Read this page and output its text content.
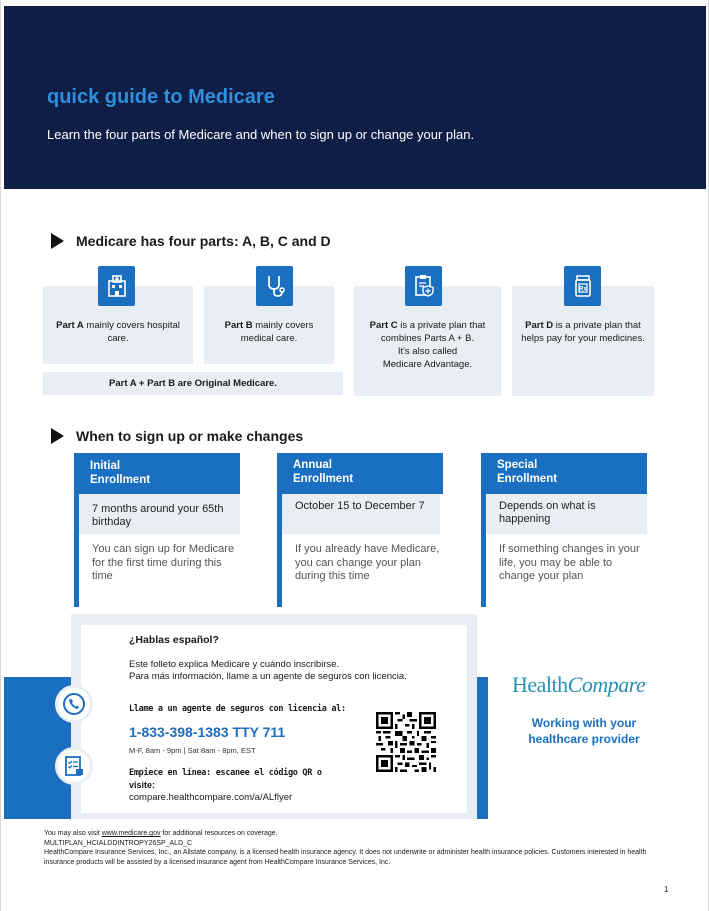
quick guide to Medicare
Learn the four parts of Medicare and when to sign up or change your plan.
Medicare has four parts: A, B, C and D
Part A mainly covers hospital care.
Part B mainly covers medical care.
Part C is a private plan that combines Parts A + B.
It's also called
Medicare Advantage.
Part D is a private plan that helps pay for your medicines.
Rx
Part A + Part B are Original Medicare.
When to sign up or make changes
Initial
Enrollment
7 months around your 65th birthday
You can sign up for Medicare for the first time during this time
Annual
Enrollment
October 15 to December 7
If you already have Medicare, you can change your plan during this time
Special
Enrollment
Depends on what is happening
If something changes in your life, you may be able to change your plan
¿Hablas español?
Este folleto explica Medicare y cuándo inscribirse.
Para más información, llame a un agente de seguros con licencia.
Llame a un agente de seguros con licencia al:
1-833-398-1383 TTY 711
M-F, 8am - 9pm | Sat 8am - 8pm, EST
Empiece en línea: escanee el código QR o
visite:
compare.healthcompare.com/a/ALflyer
HealthCompare.
Working with your healthcare provider
You may also visit www.medicare.gov for additional resources on coverage.
MULTIPLAN_HCIALDDINTROPY26SP_ALD_C
HealthCompare Insurance Services, Inc., an Allstate company, is a licensed health insurance agency. It does not underwrite or administer health insurance policies. Customers interested in health insurance products will be assisted by a licensed insurance agent from HealthCompare Insurance Services, Inc.
1
